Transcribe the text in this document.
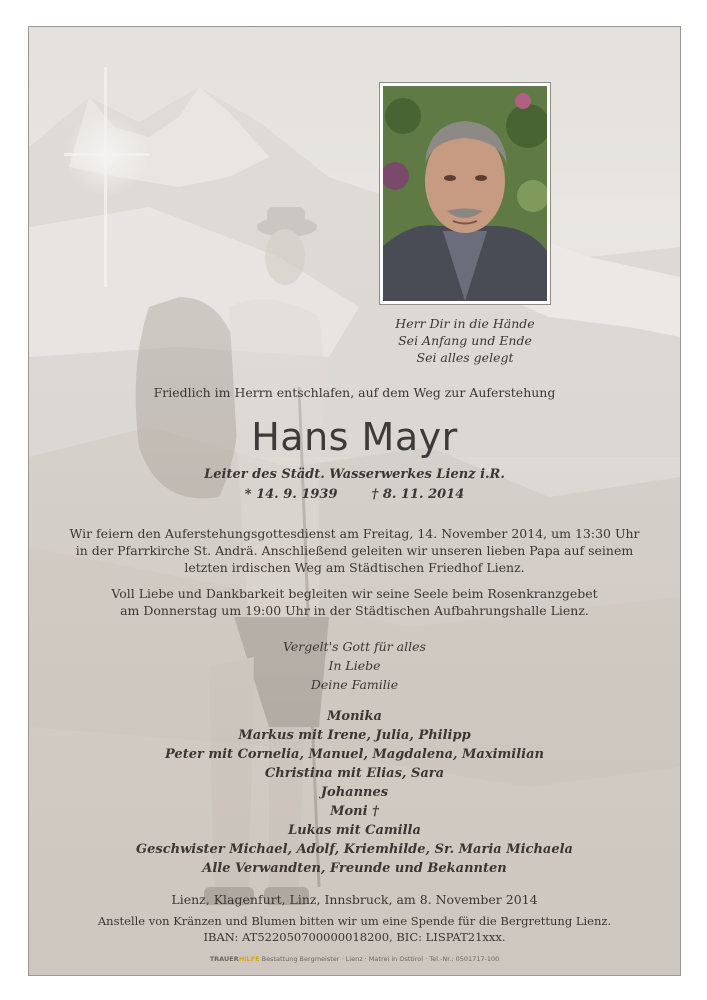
Herr Dir in die Hände
Sei Anfang und Ende
Sei alles gelegt
Friedlich im Herrn entschlafen, auf dem Weg zur Auferstehung
Hans Mayr
Leiter des Städt. Wasserwerkes Lienz i.R.
* 14. 9. 1939	† 8. 11. 2014
Wir feiern den Auferstehungsgottesdienst am Freitag, 14. November 2014, um 13:30 Uhr
in der Pfarrkirche St. Andrä. Anschließend geleiten wir unseren lieben Papa auf seinem
letzten irdischen Weg am Städtischen Friedhof Lienz.
Voll Liebe und Dankbarkeit begleiten wir seine Seele beim Rosenkranzgebet
am Donnerstag um 19:00 Uhr in der Städtischen Aufbahrungshalle Lienz.
Vergelt's Gott für alles
In Liebe
Deine Familie
Monika
Markus mit Irene, Julia, Philipp
Peter mit Cornelia, Manuel, Magdalena, Maximilian
Christina mit Elias, Sara
Johannes
Moni †
Lukas mit Camilla
Geschwister Michael, Adolf, Kriemhilde, Sr. Maria Michaela
Alle Verwandten, Freunde und Bekannten
Lienz, Klagenfurt, Linz, Innsbruck, am 8. November 2014
Anstelle von Kränzen und Blumen bitten wir um eine Spende für die Bergrettung Lienz.
IBAN: AT522050700000018200, BIC: LISPAT21xxx.
TRAUERHILFE Bestattung Bergmeister · Lienz · Matrei in Osttirol · Tel.-Nr.: 0501717-100
